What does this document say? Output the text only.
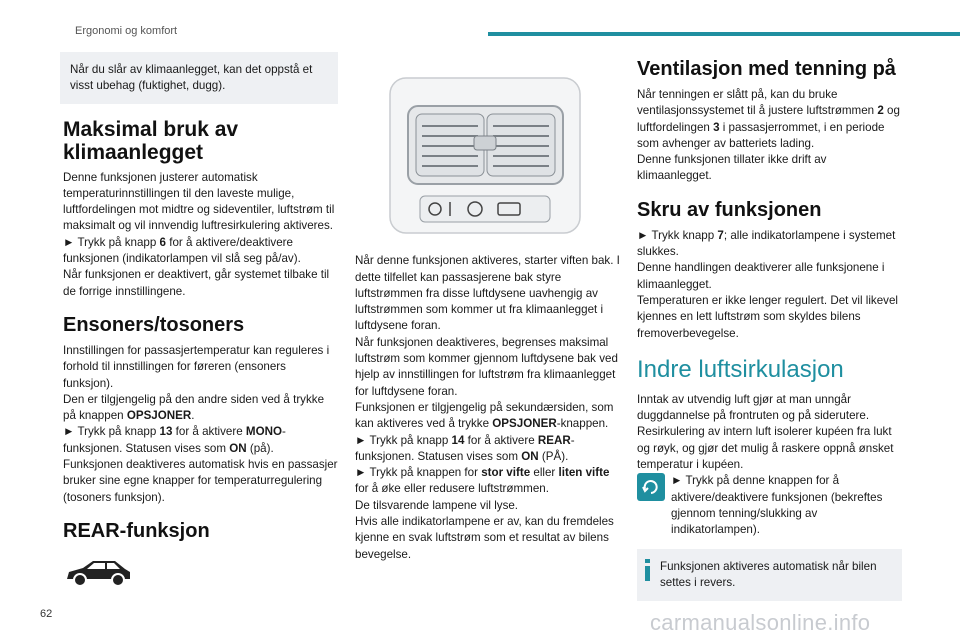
Ergonomi og komfort

Når du slår av klimaanlegget, kan det oppstå et visst ubehag (fuktighet, dugg).

Maksimal bruk av klimaanlegget

Denne funksjonen justerer automatisk temperaturinnstillingen til den laveste mulige, luftfordelingen mot midtre og sideventiler, luftstrøm til maksimalt og vil innvendig luftresirkulering aktiveres.

► Trykk på knapp 6 for å aktivere/deaktivere funksjonen (indikatorlampen vil slå seg på/av).

Når funksjonen er deaktivert, går systemet tilbake til de forrige innstillingene.

Ensoners/tosoners

Innstillingen for passasjertemperatur kan reguleres i forhold til innstillingen for føreren (ensoners funksjon).

Den er tilgjengelig på den andre siden ved å trykke på knappen OPSJONER.

► Trykk på knapp 13 for å aktivere MONO-funksjonen. Statusen vises som ON (på).

Funksjonen deaktiveres automatisk hvis en passasjer bruker sine egne knapper for temperaturregulering (tosoners funksjon).

REAR-funksjon

Når denne funksjonen aktiveres, starter viften bak. I dette tilfellet kan passasjerene bak styre luftstrømmen fra disse luftdysene uavhengig av luftstrømmen som kommer ut fra klimaanlegget i luftdysene foran.

Når funksjonen deaktiveres, begrenses maksimal luftstrøm som kommer gjennom luftdysene bak ved hjelp av innstillingen for luftstrøm fra klimaanlegget for luftdysene foran.

Funksjonen er tilgjengelig på sekundærsiden, som kan aktiveres ved å trykke OPSJONER-knappen.

► Trykk på knapp 14 for å aktivere REAR-funksjonen. Statusen vises som ON (PÅ).

► Trykk på knappen for stor vifte eller liten vifte for å øke eller redusere luftstrømmen.

De tilsvarende lampene vil lyse.

Hvis alle indikatorlampene er av, kan du fremdeles kjenne en svak luftstrøm som et resultat av bilens bevegelse.

Ventilasjon med tenning på

Når tenningen er slått på, kan du bruke ventilasjonssystemet til å justere luftstrømmen 2 og luftfordelingen 3 i passasjerrommet, i en periode som avhenger av batteriets lading.

Denne funksjonen tillater ikke drift av klimaanlegget.

Skru av funksjonen

► Trykk knapp 7; alle indikatorlampene i systemet slukkes.

Denne handlingen deaktiverer alle funksjonene i klimaanlegget.

Temperaturen er ikke lenger regulert. Det vil likevel kjennes en lett luftstrøm som skyldes bilens fremoverbevegelse.

Indre luftsirkulasjon

Inntak av utvendig luft gjør at man unngår duggdannelse på frontruten og på siderutere.

Resirkulering av intern luft isolerer kupéen fra lukt og røyk, og gjør det mulig å raskere oppnå ønsket temperatur i kupéen.

► Trykk på denne knappen for å aktivere/deaktivere funksjonen (bekreftes gjennom tenning/slukking av indikatorlampen).

Funksjonen aktiveres automatisk når bilen settes i revers.

62	carmanualsonline.info
